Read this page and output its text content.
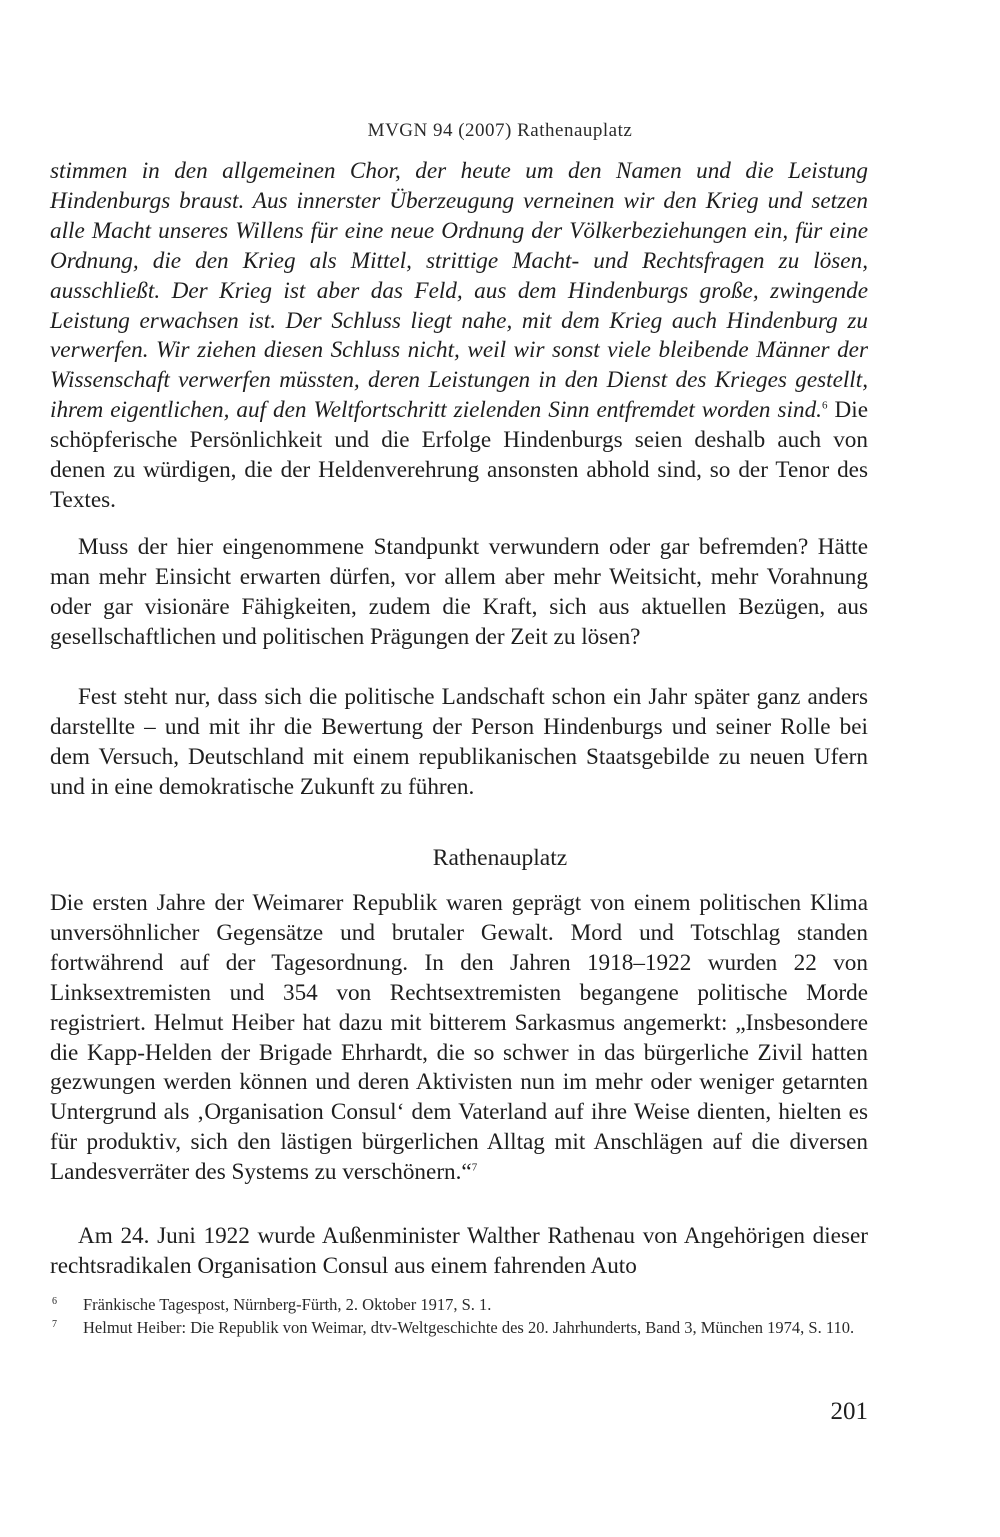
MVGN 94 (2007) Rathenauplatz

stimmen in den allgemeinen Chor, der heute um den Namen und die Leistung Hindenburgs braust. Aus innerster Überzeugung verneinen wir den Krieg und setzen alle Macht unseres Willens für eine neue Ordnung der Völkerbeziehungen ein, für eine Ordnung, die den Krieg als Mittel, strittige Macht- und Rechtsfragen zu lösen, ausschließt. Der Krieg ist aber das Feld, aus dem Hindenburgs große, zwingende Leistung erwachsen ist. Der Schluss liegt nahe, mit dem Krieg auch Hindenburg zu verwerfen. Wir ziehen diesen Schluss nicht, weil wir sonst viele bleibende Männer der Wissenschaft verwerfen müssten, deren Leistungen in den Dienst des Krieges gestellt, ihrem eigentlichen, auf den Weltfortschritt zielenden Sinn entfremdet worden sind.$^6$ Die schöpferische Persönlichkeit und die Erfolge Hindenburgs seien deshalb auch von denen zu würdigen, die der Heldenverehrung ansonsten abhold sind, so der Tenor des Textes.

Muss der hier eingenommene Standpunkt verwundern oder gar befremden? Hätte man mehr Einsicht erwarten dürfen, vor allem aber mehr Weitsicht, mehr Vorahnung oder gar visionäre Fähigkeiten, zudem die Kraft, sich aus aktuellen Bezügen, aus gesellschaftlichen und politischen Prägungen der Zeit zu lösen?

Fest steht nur, dass sich die politische Landschaft schon ein Jahr später ganz anders darstellte – und mit ihr die Bewertung der Person Hindenburgs und seiner Rolle bei dem Versuch, Deutschland mit einem republikanischen Staatsgebilde zu neuen Ufern und in eine demokratische Zukunft zu führen.

Rathenauplatz

Die ersten Jahre der Weimarer Republik waren geprägt von einem politischen Klima unversöhnlicher Gegensätze und brutaler Gewalt. Mord und Totschlag standen fortwährend auf der Tagesordnung. In den Jahren 1918–1922 wurden 22 von Linksextremisten und 354 von Rechtsextremisten begangene politische Morde registriert. Helmut Heiber hat dazu mit bitterem Sarkasmus angemerkt: „Insbesondere die Kapp-Helden der Brigade Ehrhardt, die so schwer in das bürgerliche Zivil hatten gezwungen werden können und deren Aktivisten nun im mehr oder weniger getarnten Untergrund als ‚Organisation Consul‘ dem Vaterland auf ihre Weise dienten, hielten es für produktiv, sich den lästigen bürgerlichen Alltag mit Anschlägen auf die diversen Landesverräter des Systems zu verschönern.“$^7$

Am 24. Juni 1922 wurde Außenminister Walther Rathenau von Angehörigen dieser rechtsradikalen Organisation Consul aus einem fahrenden Auto

6 Fränkische Tagespost, Nürnberg-Fürth, 2. Oktober 1917, S. 1.
7 Helmut Heiber: Die Republik von Weimar, dtv-Weltgeschichte des 20. Jahrhunderts, Band 3, München 1974, S. 110.
201
